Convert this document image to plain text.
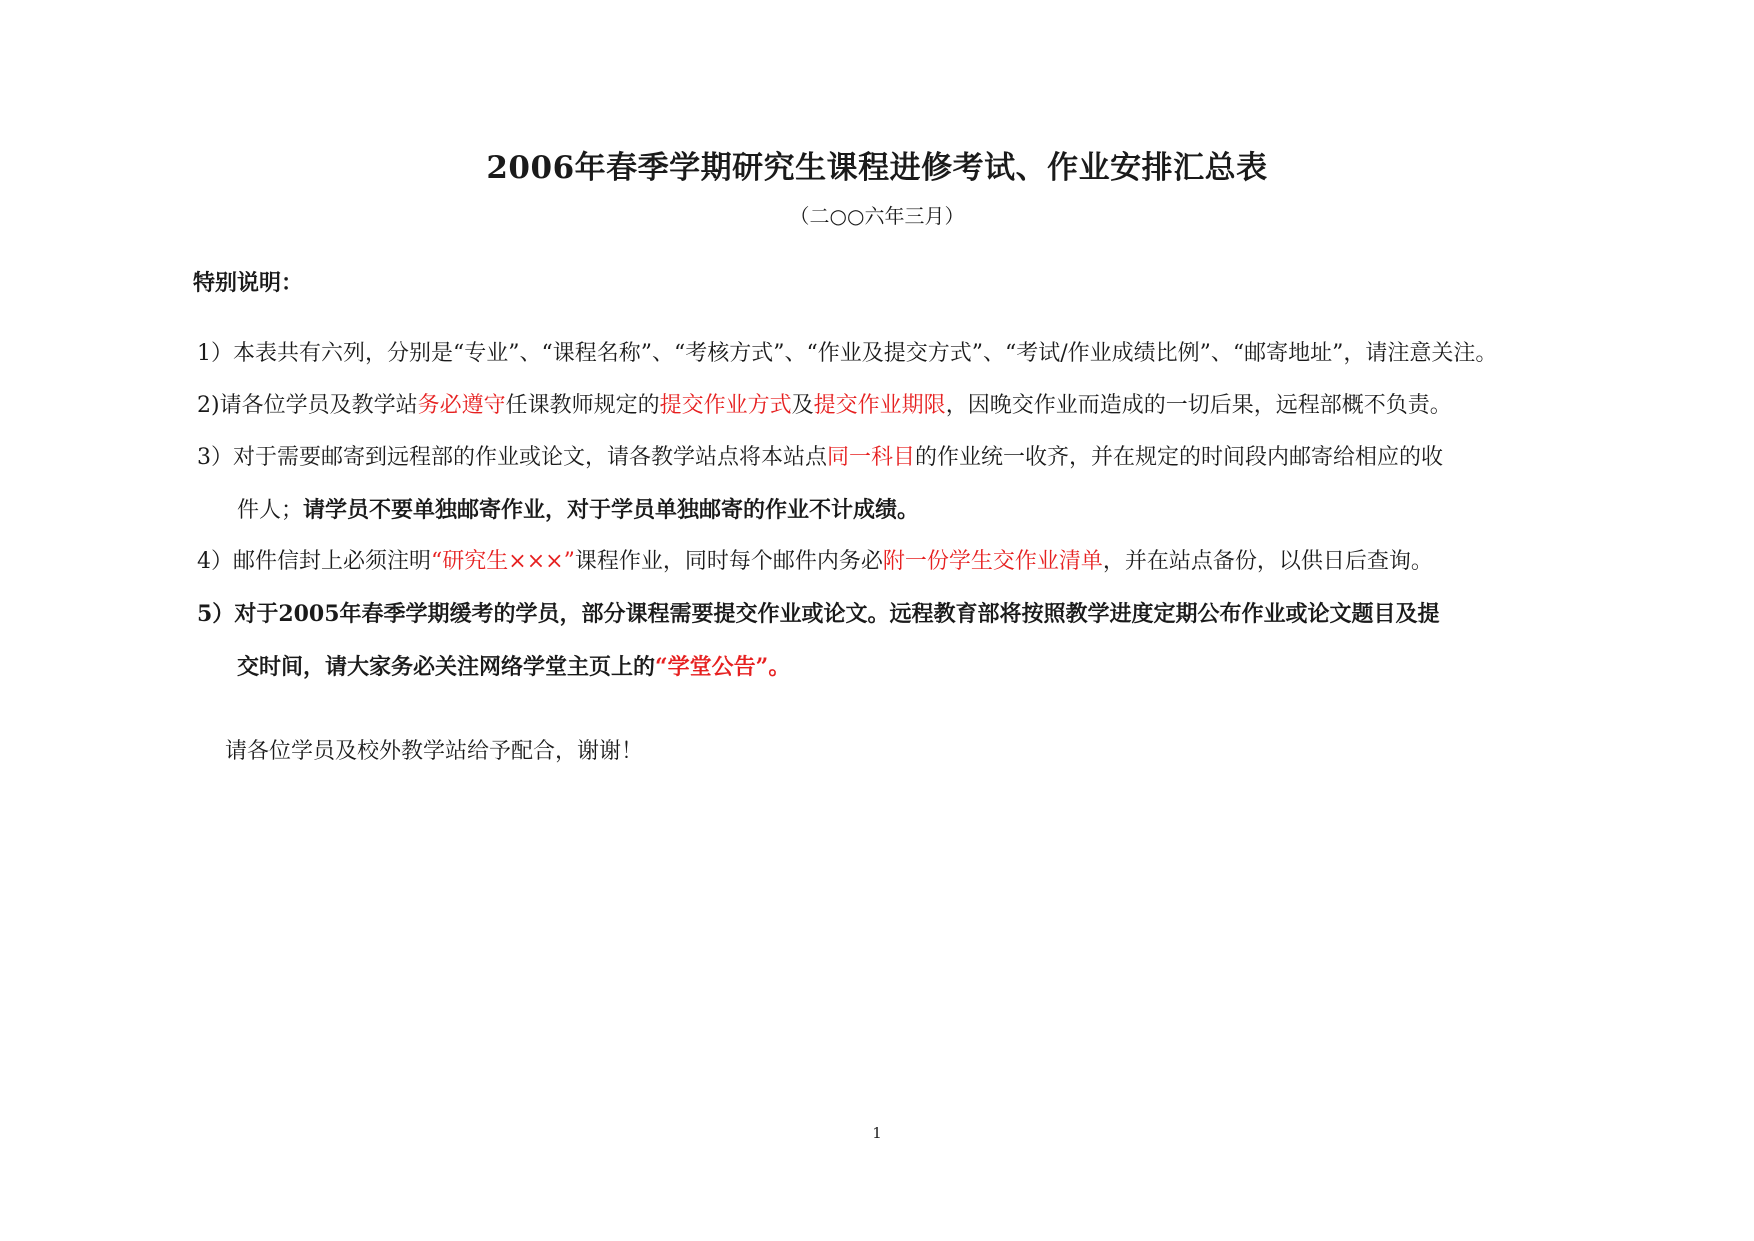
2006年春季学期研究生课程进修考试、作业安排汇总表
（二○○六年三月）
特别说明：
1）本表共有六列，分别是“专业”、“课程名称”、“考核方式”、“作业及提交方式”、“考试/作业成绩比例”、“邮寄地址”，请注意关注。
2)请各位学员及教学站务必遵守任课教师规定的提交作业方式及提交作业期限，因晚交作业而造成的一切后果，远程部概不负责。
3）对于需要邮寄到远程部的作业或论文，请各教学站点将本站点同一科目的作业统一收齐，并在规定的时间段内邮寄给相应的收
件人；请学员不要单独邮寄作业，对于学员单独邮寄的作业不计成绩。
4）邮件信封上必须注明“研究生×××”课程作业，同时每个邮件内务必附一份学生交作业清单，并在站点备份，以供日后查询。
5）对于2005年春季学期缓考的学员，部分课程需要提交作业或论文。远程教育部将按照教学进度定期公布作业或论文题目及提
交时间，请大家务必关注网络学堂主页上的“学堂公告”。
请各位学员及校外教学站给予配合，谢谢！
1
